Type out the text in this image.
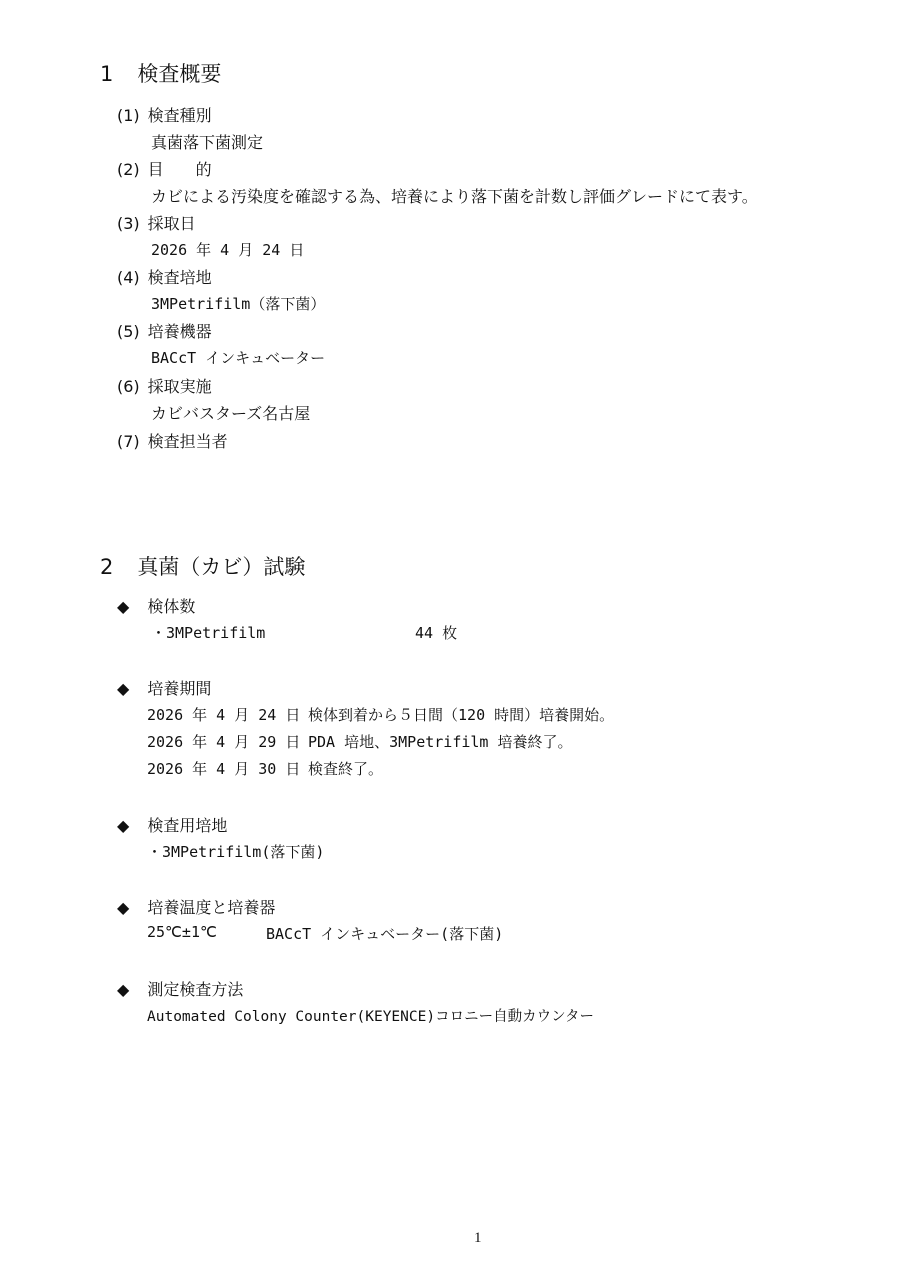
1 検査概要
(1) 検査種別
真菌落下菌測定
(2) 目　　的
カビによる汚染度を確認する為、培養により落下菌を計数し評価グレードにて表す。
(3) 採取日
2026 年 4 月 24 日
(4) 検査培地
3MPetrifilm（落下菌）
(5) 培養機器
BACcT インキュベーター
(6) 採取実施
カビバスターズ名古屋
(7) 検査担当者
2 真菌（カビ）試験
◆ 検体数
・3MPetrifilm	44 枚
◆ 培養期間
2026 年 4 月 24 日 検体到着から５日間（120 時間）培養開始。
2026 年 4 月 29 日 PDA 培地、3MPetrifilm 培養終了。
2026 年 4 月 30 日 検査終了。
◆ 検査用培地
・3MPetrifilm(落下菌)
◆ 培養温度と培養器
25℃±1℃	BACcT インキュベーター(落下菌)
◆ 測定検査方法
Automated Colony Counter(KEYENCE)コロニー自動カウンター
1
